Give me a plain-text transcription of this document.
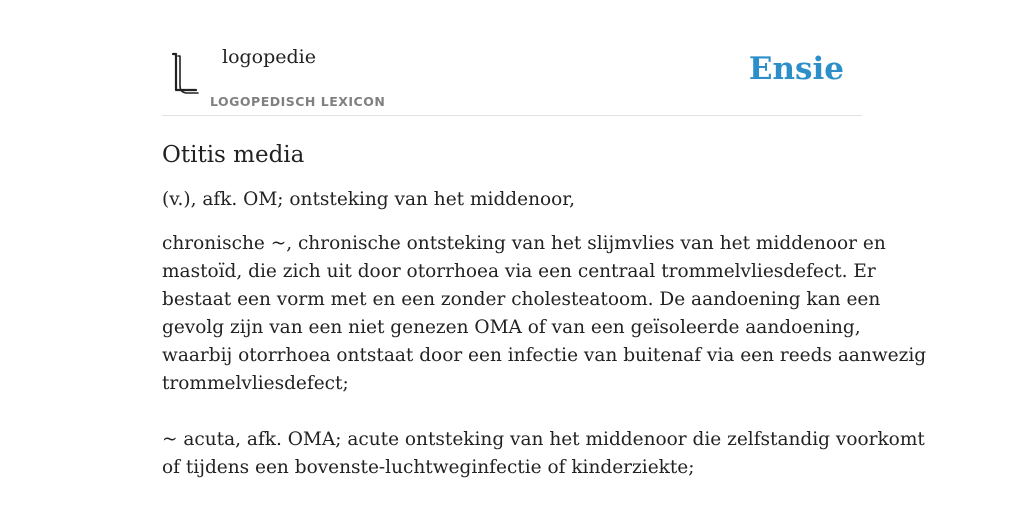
logopedie
LOGOPEDISCH LEXICON
Ensie
Otitis media

(v.), afk. OM; ontsteking van het middenoor,

chronische ~, chronische ontsteking van het slijmvlies van het middenoor en
mastoïd, die zich uit door otorrhoea via een centraal trommelvliesdefect. Er
bestaat een vorm met en een zonder cholesteatoom. De aandoening kan een
gevolg zijn van een niet genezen OMA of van een geïsoleerde aandoening,
waarbij otorrhoea ontstaat door een infectie van buitenaf via een reeds aanwezig
trommelvliesdefect;
~ acuta, afk. OMA; acute ontsteking van het middenoor die zelfstandig voorkomt
of tijdens een bovenste-luchtweginfectie of kinderziekte;
